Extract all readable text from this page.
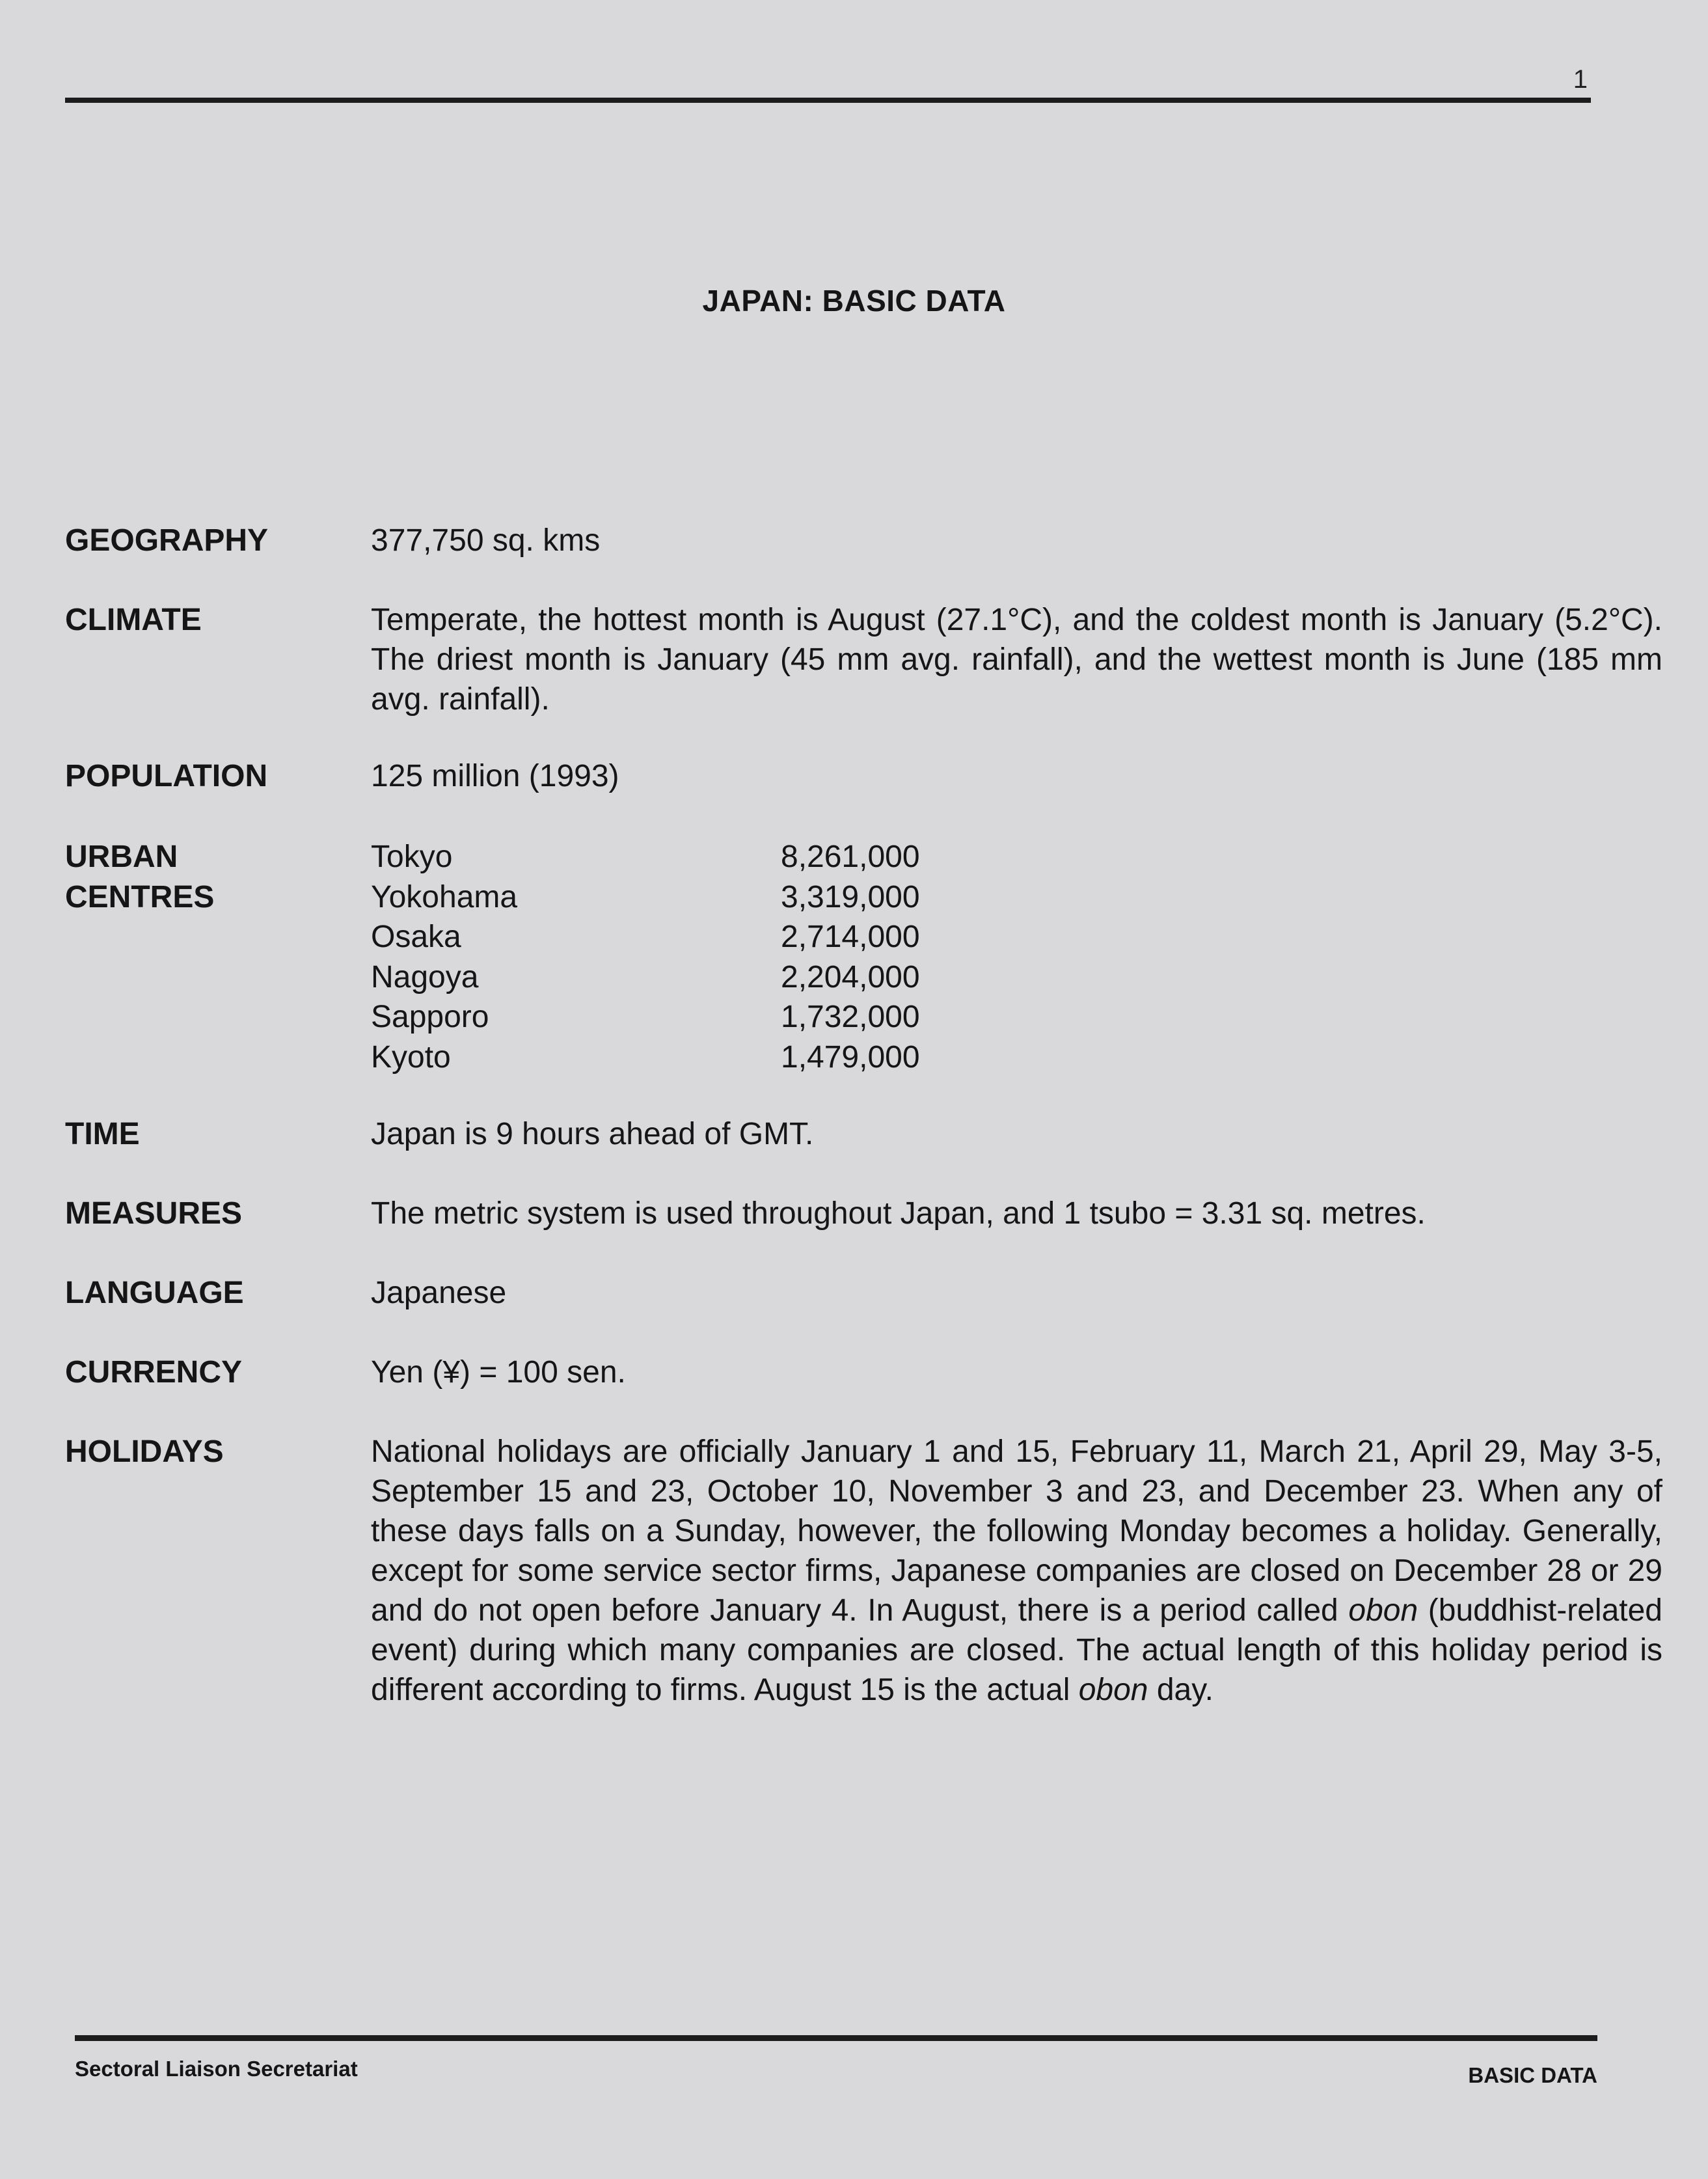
1
JAPAN: BASIC DATA
GEOGRAPHY	377,750 sq. kms
CLIMATE	Temperate, the hottest month is August (27.1°C), and the coldest month is January (5.2°C). The driest month is January (45 mm avg. rainfall), and the wettest month is June (185 mm avg. rainfall).
POPULATION	125 million (1993)
URBAN
CENTRES
Tokyo	8,261,000
Yokohama	3,319,000
Osaka	2,714,000
Nagoya	2,204,000
Sapporo	1,732,000
Kyoto	1,479,000
TIME	Japan is 9 hours ahead of GMT.
MEASURES	The metric system is used throughout Japan, and 1 tsubo = 3.31 sq. metres.
LANGUAGE	Japanese
CURRENCY	Yen (¥) = 100 sen.
HOLIDAYS	National holidays are officially January 1 and 15, February 11, March 21, April 29, May 3-5, September 15 and 23, October 10, November 3 and 23, and December 23. When any of these days falls on a Sunday, however, the following Monday becomes a holiday. Generally, except for some service sector firms, Japanese companies are closed on December 28 or 29 and do not open before January 4. In August, there is a period called obon (buddhist-related event) during which many companies are closed. The actual length of this holiday period is different according to firms. August 15 is the actual obon day.
Sectoral Liaison Secretariat	BASIC DATA
